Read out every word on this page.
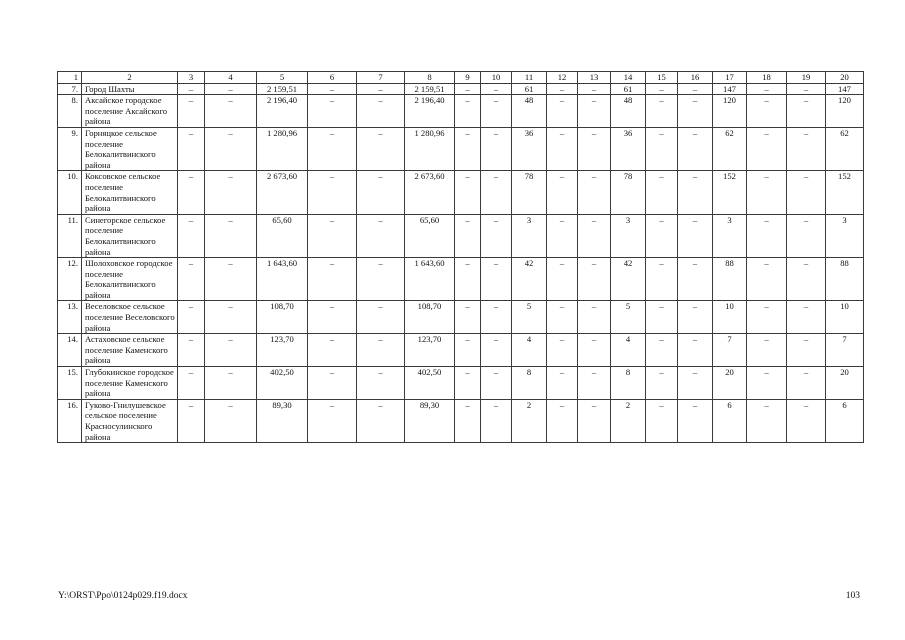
1	2	3	4	5	6	7	8	9	10	11	12	13	14	15	16	17	18	19	20
7.	Город Шахты	–	–	2 159,51	–	–	2 159,51	–	–	61	–	–	61	–	–	147	–	–	147
8.	Аксайское городское поселение Аксайского района	–	–	2 196,40	–	–	2 196,40	–	–	48	–	–	48	–	–	120	–	–	120
9.	Горняцкое сельское поселение Белокалитвинского района	–	–	1 280,96	–	–	1 280,96	–	–	36	–	–	36	–	–	62	–	–	62
10.	Коксовское сельское поселение Белокалитвинского района	–	–	2 673,60	–	–	2 673,60	–	–	78	–	–	78	–	–	152	–	–	152
11.	Синегорское сельское поселение Белокалитвинского района	–	–	65,60	–	–	65,60	–	–	3	–	–	3	–	–	3	–	–	3
12.	Шолоховское городское поселение Белокалитвинского района	–	–	1 643,60	–	–	1 643,60	–	–	42	–	–	42	–	–	88	–	–	88
13.	Веселовское сельское поселение Веселовского района	–	–	108,70	–	–	108,70	–	–	5	–	–	5	–	–	10	–	–	10
14.	Астаховское сельское поселение Каменского района	–	–	123,70	–	–	123,70	–	–	4	–	–	4	–	–	7	–	–	7
15.	Глубокинское городское поселение Каменского района	–	–	402,50	–	–	402,50	–	–	8	–	–	8	–	–	20	–	–	20
16.	Гуково-Гнилушевское сельское поселение Красносулинского района	–	–	89,30	–	–	89,30	–	–	2	–	–	2	–	–	6	–	–	6
Y:\ORST\Ppo\0124p029.f19.docx	103
